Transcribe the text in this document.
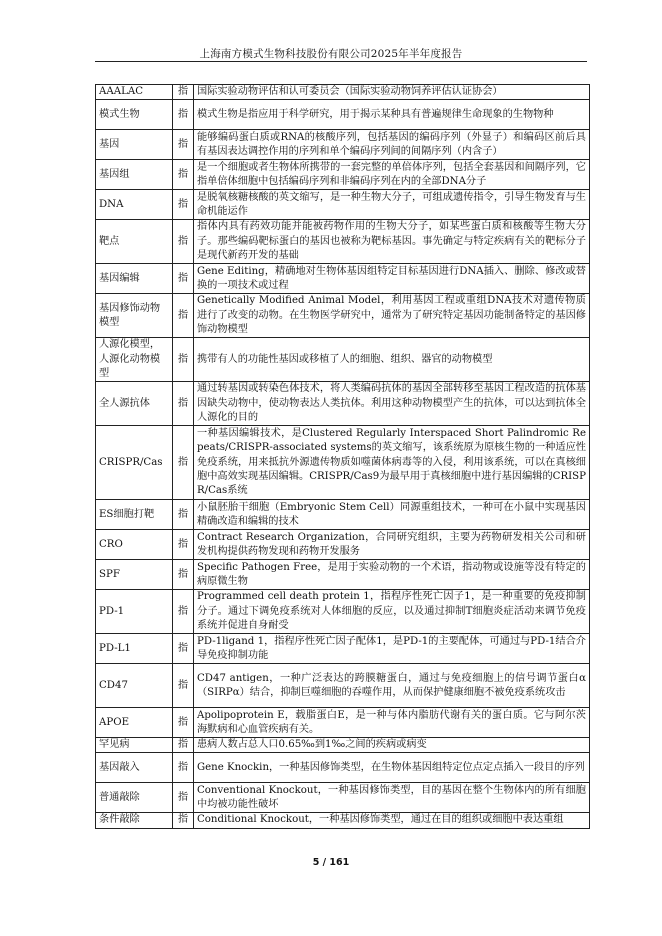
上海南方模式生物科技股份有限公司2025年半年度报告
AAALAC	指	国际实验动物评估和认可委员会（国际实验动物饲养评估认证协会）
模式生物	指	模式生物是指应用于科学研究，用于揭示某种具有普遍规律生命现象的生物物种
基因	指	能够编码蛋白质或RNA的核酸序列，包括基因的编码序列（外显子）和编码区前后具有基因表达调控作用的序列和单个编码序列间的间隔序列（内含子）
基因组	指	是一个细胞或者生物体所携带的一套完整的单倍体序列，包括全套基因和间隔序列，它指单倍体细胞中包括编码序列和非编码序列在内的全部DNA分子
DNA	指	是脱氧核糖核酸的英文缩写，是一种生物大分子，可组成遗传指令，引导生物发育与生命机能运作
靶点	指	指体内具有药效功能并能被药物作用的生物大分子，如某些蛋白质和核酸等生物大分子。那些编码靶标蛋白的基因也被称为靶标基因。事先确定与特定疾病有关的靶标分子是现代新药开发的基础
基因编辑	指	Gene Editing，精确地对生物体基因组特定目标基因进行DNA插入、删除、修改或替换的一项技术或过程
基因修饰动物模型	指	Genetically Modified Animal Model，利用基因工程或重组DNA技术对遗传物质进行了改变的动物。在生物医学研究中，通常为了研究特定基因功能制备特定的基因修饰动物模型
人源化模型，人源化动物模型	指	携带有人的功能性基因或移植了人的细胞、组织、器官的动物模型
全人源抗体	指	通过转基因或转染色体技术，将人类编码抗体的基因全部转移至基因工程改造的抗体基因缺失动物中，使动物表达人类抗体。利用这种动物模型产生的抗体，可以达到抗体全人源化的目的
CRISPR/Cas	指	一种基因编辑技术，是Clustered Regularly Interspaced Short Palindromic Repeats/CRISPR-associated systems的英文缩写，该系统原为原核生物的一种适应性免疫系统，用来抵抗外源遗传物质如噬菌体病毒等的入侵，利用该系统，可以在真核细胞中高效实现基因编辑。CRISPR/Cas9为最早用于真核细胞中进行基因编辑的CRISPR/Cas系统
ES细胞打靶	指	小鼠胚胎干细胞（Embryonic Stem Cell）同源重组技术，一种可在小鼠中实现基因精确改造和编辑的技术
CRO	指	Contract Research Organization，合同研究组织，主要为药物研发相关公司和研发机构提供药物发现和药物开发服务
SPF	指	Specific Pathogen Free，是用于实验动物的一个术语，指动物或设施等没有特定的病原微生物
PD-1	指	Programmed cell death protein 1，指程序性死亡因子1，是一种重要的免疫抑制分子。通过下调免疫系统对人体细胞的反应，以及通过抑制T细胞炎症活动来调节免疫系统并促进自身耐受
PD-L1	指	PD-1ligand 1，指程序性死亡因子配体1，是PD-1的主要配体，可通过与PD-1结合介导免疫抑制功能
CD47	指	CD47 antigen，一种广泛表达的跨膜糖蛋白，通过与免疫细胞上的信号调节蛋白α（SIRPα）结合，抑制巨噬细胞的吞噬作用，从而保护健康细胞不被免疫系统攻击
APOE	指	Apolipoprotein E，载脂蛋白E，是一种与体内脂肪代谢有关的蛋白质。它与阿尔茨海默病和心血管疾病有关。
罕见病	指	患病人数占总人口0.65‰到1‰之间的疾病或病变
基因敲入	指	Gene Knockin，一种基因修饰类型，在生物体基因组特定位点定点插入一段目的序列
普通敲除	指	Conventional Knockout，一种基因修饰类型，目的基因在整个生物体内的所有细胞中均被功能性破坏
条件敲除	指	Conditional Knockout，一种基因修饰类型，通过在目的组织或细胞中表达重组
5 / 161
